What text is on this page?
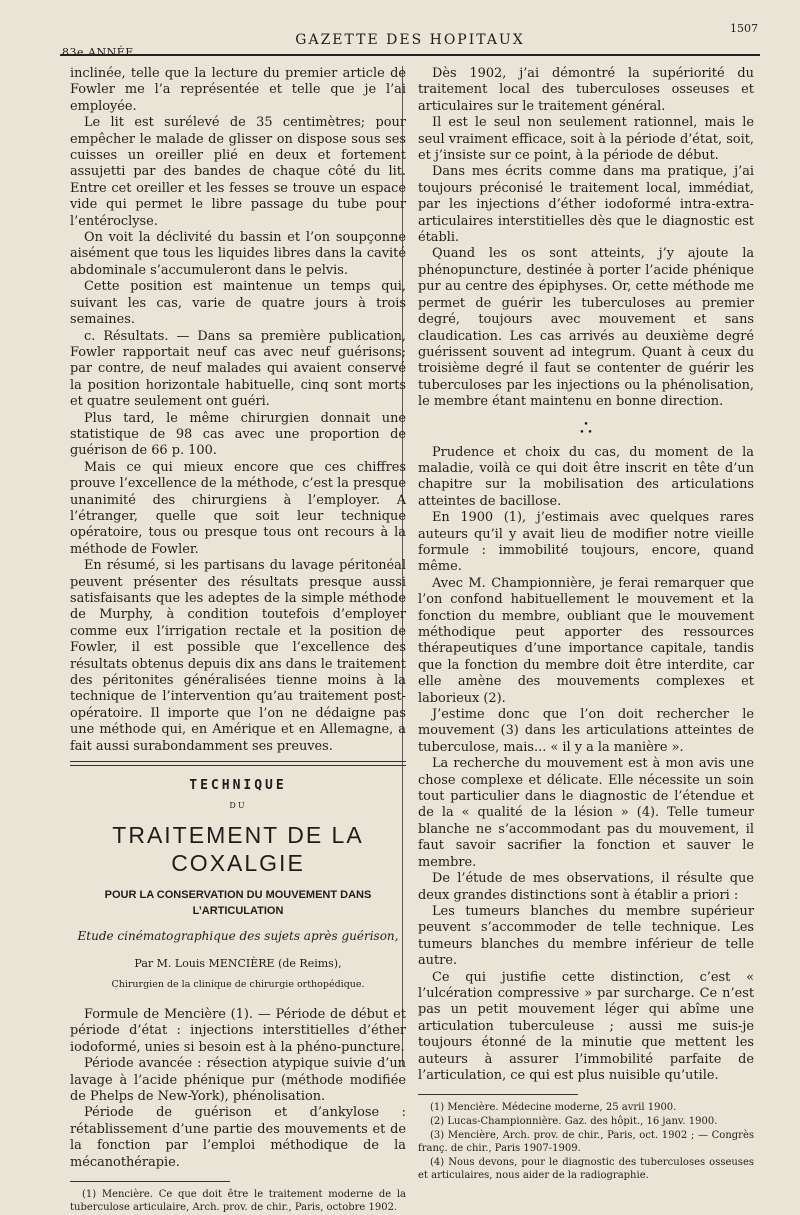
83e ANNÉE.
GAZETTE DES HOPITAUX
1507

inclinée, telle que la lecture du premier article de Fowler me l’a représentée et telle que je l’ai employée.

Le lit est surélevé de 35 centimètres; pour empêcher le malade de glisser on dispose sous ses cuisses un oreiller plié en deux et fortement assujetti par des bandes de chaque côté du lit. Entre cet oreiller et les fesses se trouve un espace vide qui permet le libre passage du tube pour l’entéroclyse.

On voit la déclivité du bassin et l’on soupçonne aisément que tous les liquides libres dans la cavité abdominale s’accumuleront dans le pelvis.

Cette position est maintenue un temps qui, suivant les cas, varie de quatre jours à trois semaines.

c. Résultats. — Dans sa première publication, Fowler rapportait neuf cas avec neuf guérisons; par contre, de neuf malades qui avaient conservé la position horizontale habituelle, cinq sont morts et quatre seulement ont guéri.

Plus tard, le même chirurgien donnait une statistique de 98 cas avec une proportion de guérison de 66 p. 100.

Mais ce qui mieux encore que ces chiffres prouve l’excellence de la méthode, c’est la presque unanimité des chirurgiens à l’employer. A l’étranger, quelle que soit leur technique opératoire, tous ou presque tous ont recours à la méthode de Fowler.

En résumé, si les partisans du lavage péritonéal peuvent présenter des résultats presque aussi satisfaisants que les adeptes de la simple méthode de Murphy, à condition toutefois d’employer comme eux l’irrigation rectale et la position de Fowler, il est possible que l’excellence des résultats obtenus depuis dix ans dans le traitement des péritonites généralisées tienne moins à la technique de l’intervention qu’au traitement post-opératoire. Il importe que l’on ne dédaigne pas une méthode qui, en Amérique et en Allemagne, a fait aussi surabondamment ses preuves.

TECHNIQUE
DU
TRAITEMENT DE LA COXALGIE
POUR LA CONSERVATION DU MOUVEMENT DANS L’ARTICULATION
Etude cinématographique des sujets après guérison,
Par M. Louis MENCIÈRE (de Reims),
Chirurgien de la clinique de chirurgie orthopédique.

Formule de Mencière (1). — Période de début et période d’état : injections interstitielles d’éther iodoformé, unies si besoin est à la phéno-puncture.

Période avancée : résection atypique suivie d’un lavage à l’acide phénique pur (méthode modifiée de Phelps de New-York), phénolisation.

Période de guérison et d’ankylose : rétablissement d’une partie des mouvements et de la fonction par l’emploi méthodique de la mécanothérapie.

(1) Mencière. Ce que doit être le traitement moderne de la tuberculose articulaire, Arch. prov. de chir., Paris, octobre 1902.

Dès 1902, j’ai démontré la supériorité du traitement local des tuberculoses osseuses et articulaires sur le traitement général.

Il est le seul non seulement rationnel, mais le seul vraiment efficace, soit à la période d’état, soit, et j’insiste sur ce point, à la période de début.

Dans mes écrits comme dans ma pratique, j’ai toujours préconisé le traitement local, immédiat, par les injections d’éther iodoformé intra-extra-articulaires interstitielles dès que le diagnostic est établi.

Quand les os sont atteints, j’y ajoute la phénopuncture, destinée à porter l’acide phénique pur au centre des épiphyses. Or, cette méthode me permet de guérir les tuberculoses au premier degré, toujours avec mouvement et sans claudication. Les cas arrivés au deuxième degré guérissent souvent ad integrum. Quant à ceux du troisième degré il faut se contenter de guérir les tuberculoses par les injections ou la phénolisation, le membre étant maintenu en bonne direction.

•
• •

Prudence et choix du cas, du moment de la maladie, voilà ce qui doit être inscrit en tête d’un chapitre sur la mobilisation des articulations atteintes de bacillose.

En 1900 (1), j’estimais avec quelques rares auteurs qu’il y avait lieu de modifier notre vieille formule : immobilité toujours, encore, quand même.

Avec M. Championnière, je ferai remarquer que l’on confond habituellement le mouvement et la fonction du membre, oubliant que le mouvement méthodique peut apporter des ressources thérapeutiques d’une importance capitale, tandis que la fonction du membre doit être interdite, car elle amène des mouvements complexes et laborieux (2).

J’estime donc que l’on doit rechercher le mouvement (3) dans les articulations atteintes de tuberculose, mais... « il y a la manière ».

La recherche du mouvement est à mon avis une chose complexe et délicate. Elle nécessite un soin tout particulier dans le diagnostic de l’étendue et de la « qualité de la lésion » (4). Telle tumeur blanche ne s’accommodant pas du mouvement, il faut savoir sacrifier la fonction et sauver le membre.

De l’étude de mes observations, il résulte que deux grandes distinctions sont à établir a priori :

Les tumeurs blanches du membre supérieur peuvent s’accommoder de telle technique. Les tumeurs blanches du membre inférieur de telle autre.

Ce qui justifie cette distinction, c’est « l’ulcération compressive » par surcharge. Ce n’est pas un petit mouvement léger qui abîme une articulation tuberculeuse ; aussi me suis-je toujours étonné de la minutie que mettent les auteurs à assurer l’immobilité parfaite de l’articulation, ce qui est plus nuisible qu’utile.

(1) Mencière. Médecine moderne, 25 avril 1900.

(2) Lucas-Championnière. Gaz. des hôpit., 16 janv. 1900.

(3) Mencière, Arch. prov. de chir., Paris, oct. 1902 ; — Congrès franç. de chir., Paris 1907-1909.

(4) Nous devons, pour le diagnostic des tuberculoses osseuses et articulaires, nous aider de la radiographie.
